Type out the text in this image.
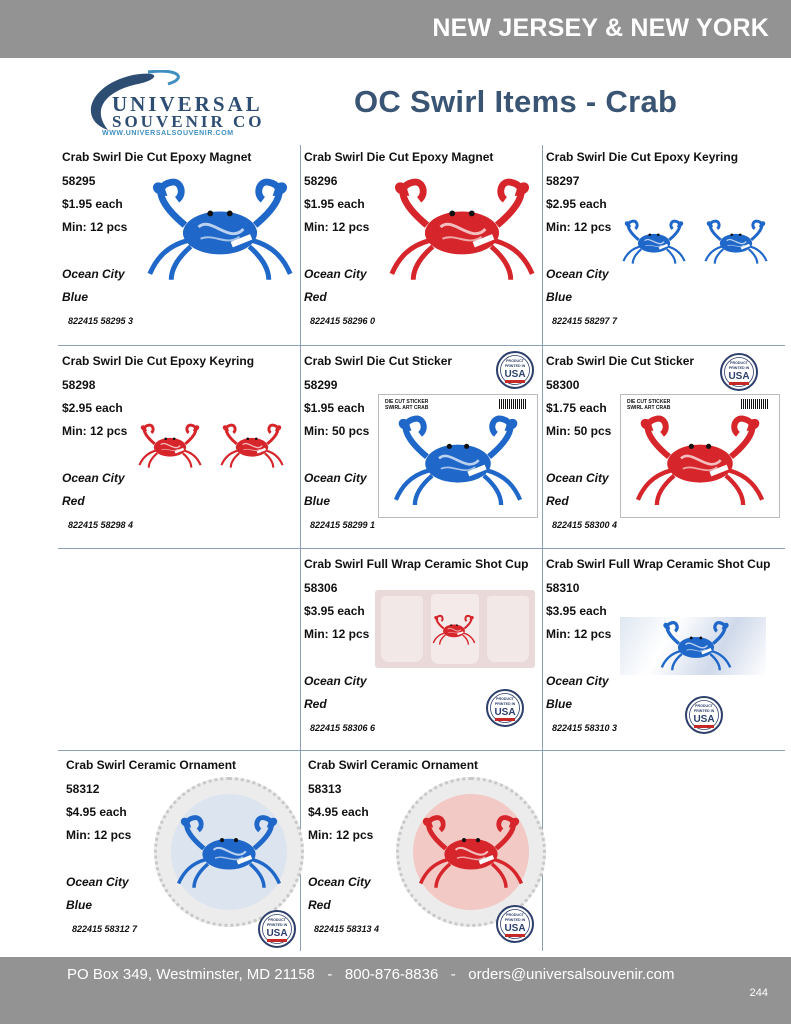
NEW JERSEY & NEW YORK
UNIVERSAL
SOUVENIR CO
WWW.UNIVERSALSOUVENIR.COM
OC Swirl Items - Crab
Crab Swirl Die Cut Epoxy Magnet
58295
$1.95 each
Min: 12 pcs
Ocean City
Blue
822415 58295 3
Crab Swirl Die Cut Epoxy Magnet
58296
$1.95 each
Min: 12 pcs
Ocean City
Red
822415 58296 0
Crab Swirl Die Cut Epoxy Keyring
58297
$2.95 each
Min: 12 pcs
Ocean City
Blue
822415 58297 7
Crab Swirl Die Cut Epoxy Keyring
58298
$2.95 each
Min: 12 pcs
Ocean City
Red
822415 58298 4
Crab Swirl Die Cut Sticker
58299
$1.95 each
Min: 50 pcs
Ocean City
Blue
822415 58299 1
DIE CUT STICKER
SWIRL ART CRAB
PRODUCT
PRINTED IN
USA
Crab Swirl Die Cut Sticker
58300
$1.75 each
Min: 50 pcs
Ocean City
Red
822415 58300 4
DIE CUT STICKER
SWIRL ART CRAB
PRODUCT
PRINTED IN
USA
Crab Swirl Full Wrap Ceramic Shot Cup
58306
$3.95 each
Min: 12 pcs
Ocean City
Red
822415 58306 6
PRODUCT
PRINTED IN
USA
Crab Swirl Full Wrap Ceramic Shot Cup
58310
$3.95 each
Min: 12 pcs
Ocean City
Blue
822415 58310 3
PRODUCT
PRINTED IN
USA
Crab Swirl Ceramic Ornament
58312
$4.95 each
Min: 12 pcs
Ocean City
Blue
822415 58312 7
PRODUCT
PRINTED IN
USA
Crab Swirl Ceramic Ornament
58313
$4.95 each
Min: 12 pcs
Ocean City
Red
822415 58313 4
PRODUCT
PRINTED IN
USA
PO Box 349, Westminster, MD 21158   -   800-876-8836   -   orders@universalsouvenir.com
244
